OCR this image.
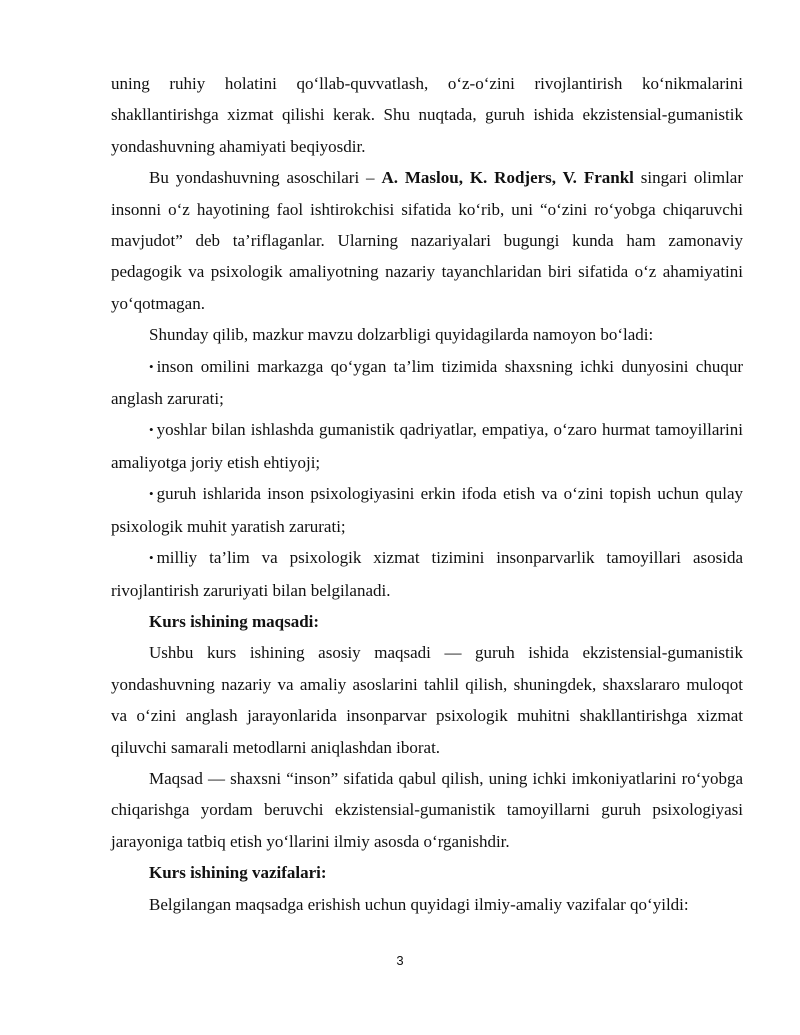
uning ruhiy holatini qo‘llab-quvvatlash, o‘z-o‘zini rivojlantirish ko‘nikmalarini shakllantirishga xizmat qilishi kerak. Shu nuqtada, guruh ishida ekzistensial-gumanistik yondashuvning ahamiyati beqiyosdir.

Bu yondashuvning asoschilari – A. Maslou, K. Rodjers, V. Frankl singari olimlar insonni o‘z hayotining faol ishtirokchisi sifatida ko‘rib, uni “o‘zini ro‘yobga chiqaruvchi mavjudot” deb ta’riflaganlar. Ularning nazariyalari bugungi kunda ham zamonaviy pedagogik va psixologik amaliyotning nazariy tayanchlaridan biri sifatida o‘z ahamiyatini yo‘qotmagan.

Shunday qilib, mazkur mavzu dolzarbligi quyidagilarda namoyon bo‘ladi:

• inson omilini markazga qo‘ygan ta’lim tizimida shaxsning ichki dunyosini chuqur anglash zarurati;

• yoshlar bilan ishlashda gumanistik qadriyatlar, empatiya, o‘zaro hurmat tamoyillarini amaliyotga joriy etish ehtiyoji;

• guruh ishlarida inson psixologiyasini erkin ifoda etish va o‘zini topish uchun qulay psixologik muhit yaratish zarurati;

• milliy ta’lim va psixologik xizmat tizimini insonparvarlik tamoyillari asosida rivojlantirish zaruriyati bilan belgilanadi.

Kurs ishining maqsadi:

Ushbu kurs ishining asosiy maqsadi — guruh ishida ekzistensial-gumanistik yondashuvning nazariy va amaliy asoslarini tahlil qilish, shuningdek, shaxslararo muloqot va o‘zini anglash jarayonlarida insonparvar psixologik muhitni shakllantirishga xizmat qiluvchi samarali metodlarni aniqlashdan iborat.

Maqsad — shaxsni “inson” sifatida qabul qilish, uning ichki imkoniyatlarini ro‘yobga chiqarishga yordam beruvchi ekzistensial-gumanistik tamoyillarni guruh psixologiyasi jarayoniga tatbiq etish yo‘llarini ilmiy asosda o‘rganishdir.

Kurs ishining vazifalari:

Belgilangan maqsadga erishish uchun quyidagi ilmiy-amaliy vazifalar qo‘yildi:

3
